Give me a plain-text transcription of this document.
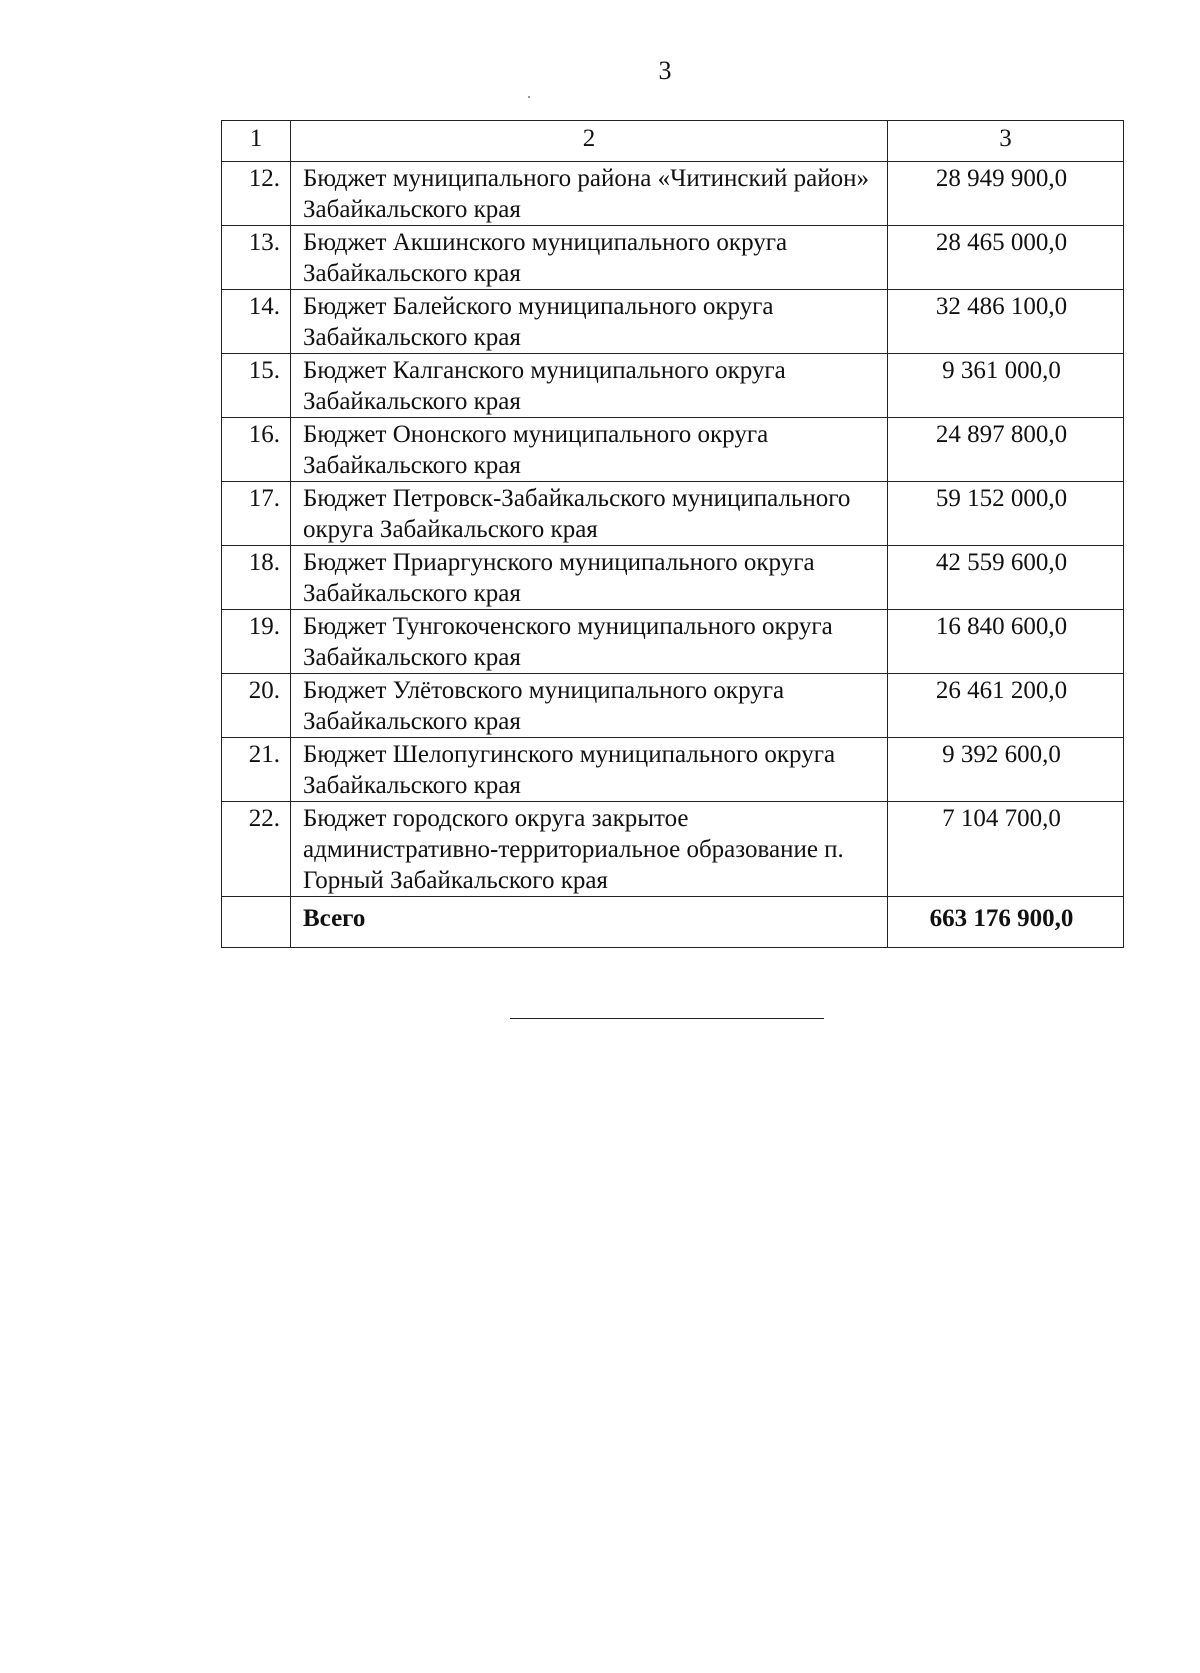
3
1	2	3
12.	Бюджет муниципального района «Читинский район» Забайкальского края	28 949 900,0
13.	Бюджет Акшинского муниципального округа Забайкальского края	28 465 000,0
14.	Бюджет Балейского муниципального округа Забайкальского края	32 486 100,0
15.	Бюджет Калганского муниципального округа Забайкальского края	9 361 000,0
16.	Бюджет Ононского муниципального округа Забайкальского края	24 897 800,0
17.	Бюджет Петровск-Забайкальского муниципального округа Забайкальского края	59 152 000,0
18.	Бюджет Приаргунского муниципального округа Забайкальского края	42 559 600,0
19.	Бюджет Тунгокоченского муниципального округа Забайкальского края	16 840 600,0
20.	Бюджет Улётовского муниципального округа Забайкальского края	26 461 200,0
21.	Бюджет Шелопугинского муниципального округа Забайкальского края	9 392 600,0
22.	Бюджет городского округа закрытое административно-территориальное образование п. Горный Забайкальского края	7 104 700,0
	Всего	663 176 900,0
